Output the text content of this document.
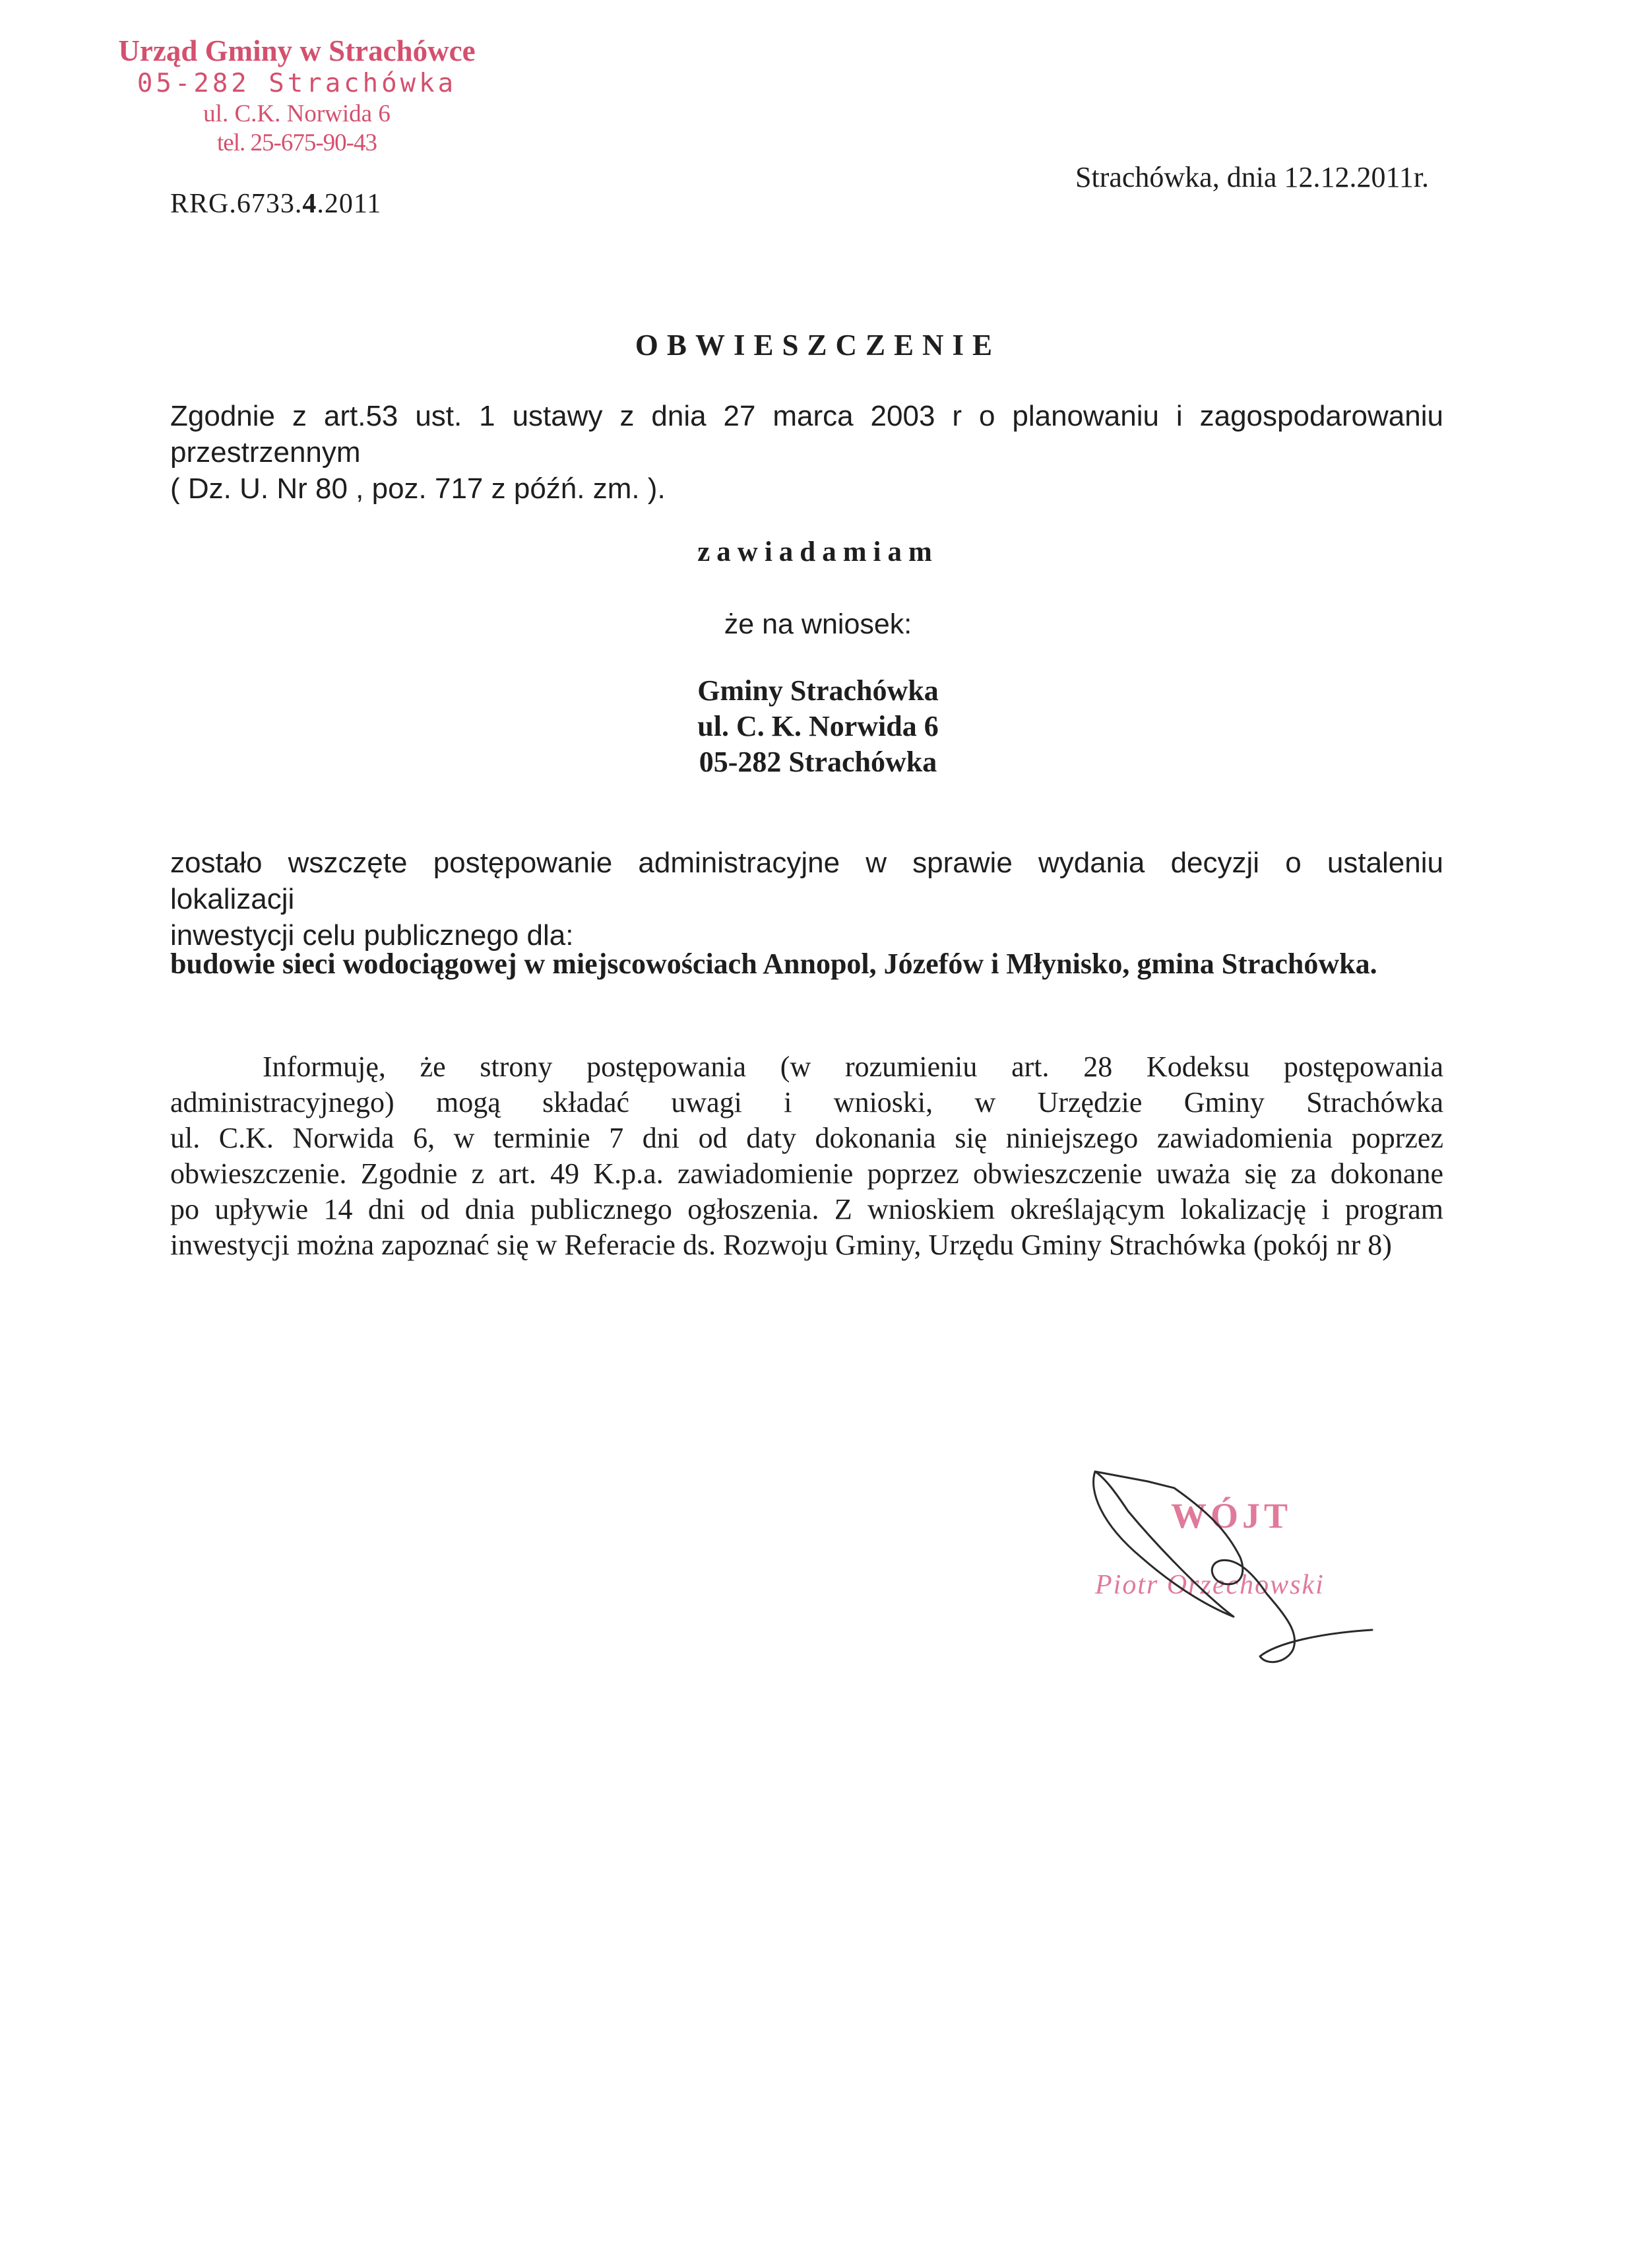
Urząd Gminy w Strachówce
05-282 Strachówka
ul. C.K. Norwida 6
tel. 25-675-90-43
RRG.6733.4.2011
Strachówka, dnia 12.12.2011r.
OBWIESZCZENIE
Zgodnie z art.53 ust. 1 ustawy z dnia 27 marca 2003 r o planowaniu i zagospodarowaniu przestrzennym
( Dz. U. Nr 80 , poz. 717 z późń. zm. ).
zawiadamiam
że na wniosek:
Gminy Strachówka
ul. C. K. Norwida 6
05-282 Strachówka
zostało wszczęte postępowanie administracyjne w sprawie wydania decyzji o ustaleniu lokalizacji
inwestycji celu publicznego dla:
budowie sieci wodociągowej w miejscowościach Annopol, Józefów i Młynisko, gmina Strachówka.
Informuję, że strony postępowania (w rozumieniu art. 28 Kodeksu postępowania
administracyjnego) mogą składać uwagi i wnioski, w Urzędzie Gminy Strachówka
ul. C.K. Norwida 6, w terminie 7 dni od daty dokonania się niniejszego zawiadomienia poprzez
obwieszczenie. Zgodnie z art. 49 K.p.a. zawiadomienie poprzez obwieszczenie uważa się za dokonane
po upływie 14 dni od dnia publicznego ogłoszenia. Z wnioskiem określającym lokalizację i program
inwestycji można zapoznać się w Referacie ds. Rozwoju Gminy, Urzędu Gminy Strachówka (pokój nr 8)
WÓJT
Piotr Orzechowski
